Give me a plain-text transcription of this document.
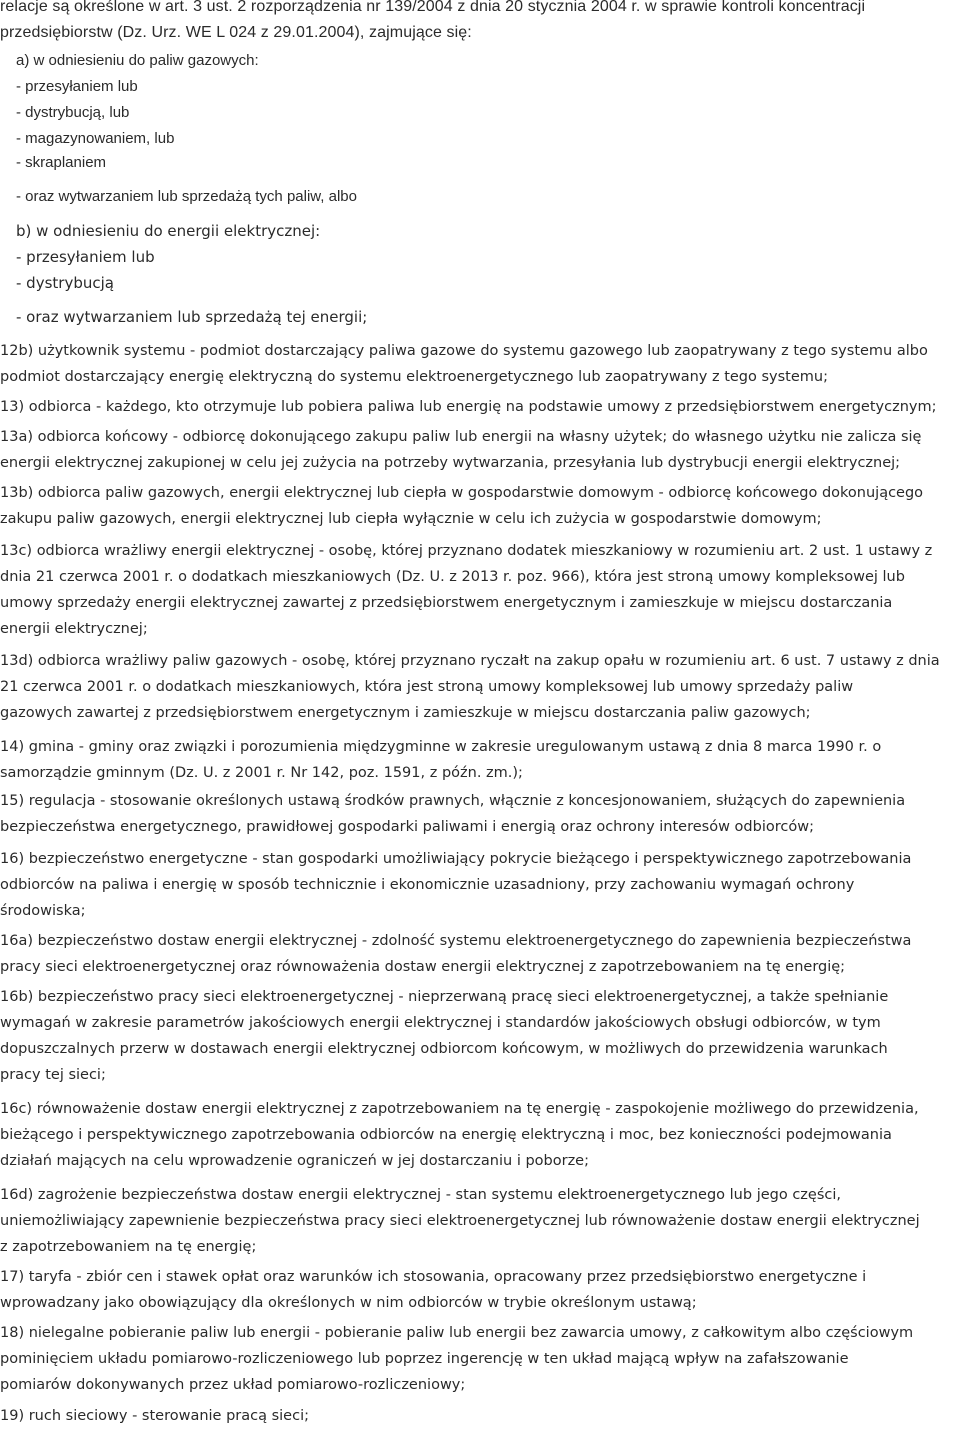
relacje są określone w art. 3 ust. 2 rozporządzenia nr 139/2004 z dnia 20 stycznia 2004 r. w sprawie kontroli koncentracji
przedsiębiorstw (Dz. Urz. WE L 024 z 29.01.2004), zajmujące się:
a) w odniesieniu do paliw gazowych:
- przesyłaniem lub
- dystrybucją, lub
- magazynowaniem, lub
- skraplaniem
- oraz wytwarzaniem lub sprzedażą tych paliw, albo
b) w odniesieniu do energii elektrycznej:
- przesyłaniem lub
- dystrybucją
- oraz wytwarzaniem lub sprzedażą tej energii;
12b) użytkownik systemu - podmiot dostarczający paliwa gazowe do systemu gazowego lub zaopatrywany z tego systemu albo
podmiot dostarczający energię elektryczną do systemu elektroenergetycznego lub zaopatrywany z tego systemu;
13) odbiorca - każdego, kto otrzymuje lub pobiera paliwa lub energię na podstawie umowy z przedsiębiorstwem energetycznym;
13a) odbiorca końcowy - odbiorcę dokonującego zakupu paliw lub energii na własny użytek; do własnego użytku nie zalicza się
energii elektrycznej zakupionej w celu jej zużycia na potrzeby wytwarzania, przesyłania lub dystrybucji energii elektrycznej;
13b) odbiorca paliw gazowych, energii elektrycznej lub ciepła w gospodarstwie domowym - odbiorcę końcowego dokonującego
zakupu paliw gazowych, energii elektrycznej lub ciepła wyłącznie w celu ich zużycia w gospodarstwie domowym;
13c) odbiorca wrażliwy energii elektrycznej - osobę, której przyznano dodatek mieszkaniowy w rozumieniu art. 2 ust. 1 ustawy z
dnia 21 czerwca 2001 r. o dodatkach mieszkaniowych (Dz. U. z 2013 r. poz. 966), która jest stroną umowy kompleksowej lub
umowy sprzedaży energii elektrycznej zawartej z przedsiębiorstwem energetycznym i zamieszkuje w miejscu dostarczania
energii elektrycznej;
13d) odbiorca wrażliwy paliw gazowych - osobę, której przyznano ryczałt na zakup opału w rozumieniu art. 6 ust. 7 ustawy z dnia
21 czerwca 2001 r. o dodatkach mieszkaniowych, która jest stroną umowy kompleksowej lub umowy sprzedaży paliw
gazowych zawartej z przedsiębiorstwem energetycznym i zamieszkuje w miejscu dostarczania paliw gazowych;
14) gmina - gminy oraz związki i porozumienia międzygminne w zakresie uregulowanym ustawą z dnia 8 marca 1990 r. o
samorządzie gminnym (Dz. U. z 2001 r. Nr 142, poz. 1591, z późn. zm.);
15) regulacja - stosowanie określonych ustawą środków prawnych, włącznie z koncesjonowaniem, służących do zapewnienia
bezpieczeństwa energetycznego, prawidłowej gospodarki paliwami i energią oraz ochrony interesów odbiorców;
16) bezpieczeństwo energetyczne - stan gospodarki umożliwiający pokrycie bieżącego i perspektywicznego zapotrzebowania
odbiorców na paliwa i energię w sposób technicznie i ekonomicznie uzasadniony, przy zachowaniu wymagań ochrony
środowiska;
16a) bezpieczeństwo dostaw energii elektrycznej - zdolność systemu elektroenergetycznego do zapewnienia bezpieczeństwa
pracy sieci elektroenergetycznej oraz równoważenia dostaw energii elektrycznej z zapotrzebowaniem na tę energię;
16b) bezpieczeństwo pracy sieci elektroenergetycznej - nieprzerwaną pracę sieci elektroenergetycznej, a także spełnianie
wymagań w zakresie parametrów jakościowych energii elektrycznej i standardów jakościowych obsługi odbiorców, w tym
dopuszczalnych przerw w dostawach energii elektrycznej odbiorcom końcowym, w możliwych do przewidzenia warunkach
pracy tej sieci;
16c) równoważenie dostaw energii elektrycznej z zapotrzebowaniem na tę energię - zaspokojenie możliwego do przewidzenia,
bieżącego i perspektywicznego zapotrzebowania odbiorców na energię elektryczną i moc, bez konieczności podejmowania
działań mających na celu wprowadzenie ograniczeń w jej dostarczaniu i poborze;
16d) zagrożenie bezpieczeństwa dostaw energii elektrycznej - stan systemu elektroenergetycznego lub jego części,
uniemożliwiający zapewnienie bezpieczeństwa pracy sieci elektroenergetycznej lub równoważenie dostaw energii elektrycznej
z zapotrzebowaniem na tę energię;
17) taryfa - zbiór cen i stawek opłat oraz warunków ich stosowania, opracowany przez przedsiębiorstwo energetyczne i
wprowadzany jako obowiązujący dla określonych w nim odbiorców w trybie określonym ustawą;
18) nielegalne pobieranie paliw lub energii - pobieranie paliw lub energii bez zawarcia umowy, z całkowitym albo częściowym
pominięciem układu pomiarowo-rozliczeniowego lub poprzez ingerencję w ten układ mającą wpływ na zafałszowanie
pomiarów dokonywanych przez układ pomiarowo-rozliczeniowy;
19) ruch sieciowy - sterowanie pracą sieci;
